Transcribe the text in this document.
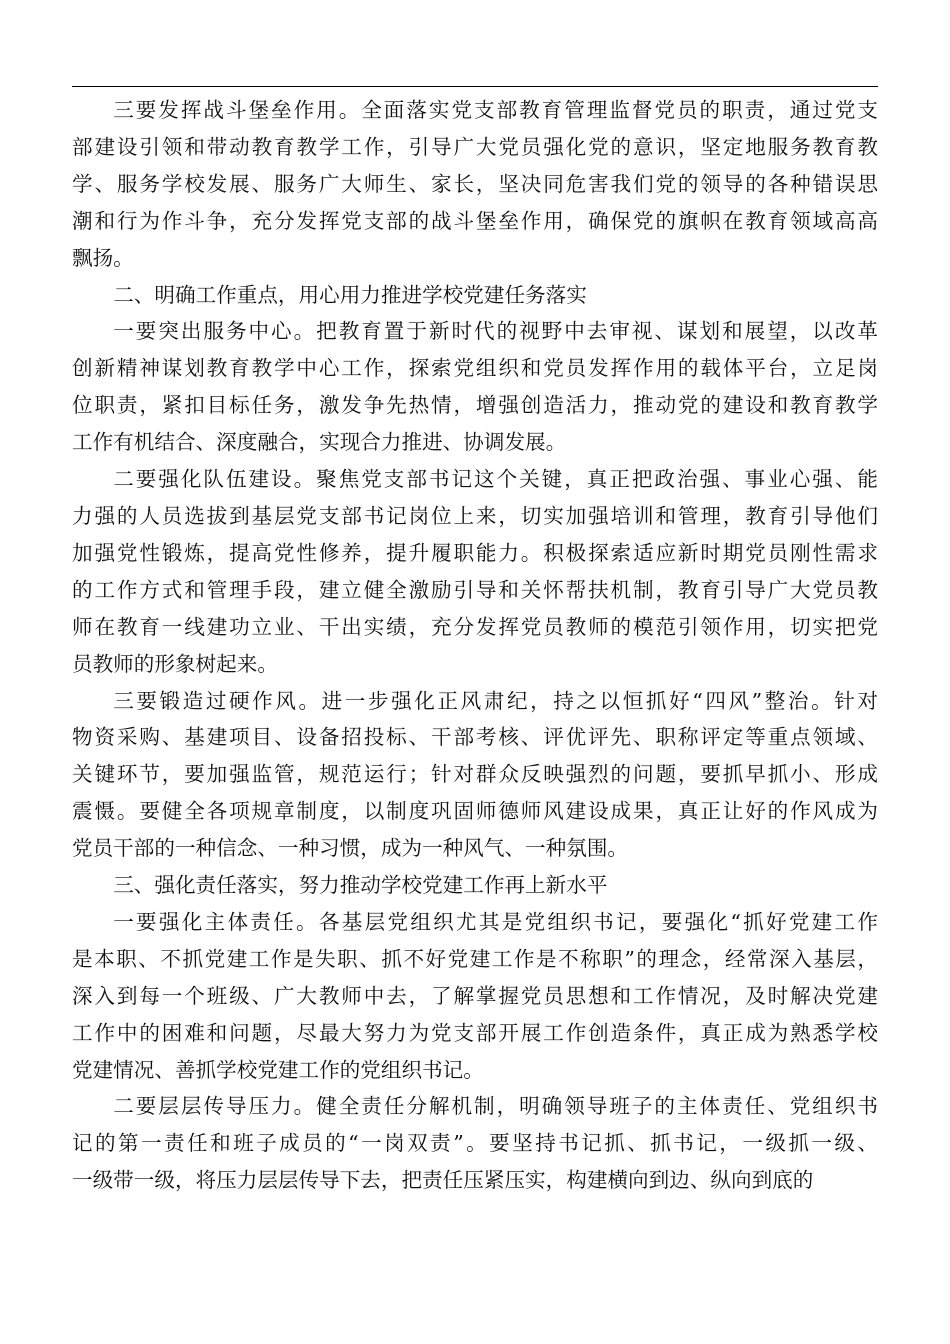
三要发挥战斗堡垒作用。全面落实党支部教育管理监督党员的职责，通过党支
部建设引领和带动教育教学工作，引导广大党员强化党的意识，坚定地服务教育教
学、服务学校发展、服务广大师生、家长，坚决同危害我们党的领导的各种错误思
潮和行为作斗争，充分发挥党支部的战斗堡垒作用，确保党的旗帜在教育领域高高
飘扬。
二、明确工作重点，用心用力推进学校党建任务落实
一要突出服务中心。把教育置于新时代的视野中去审视、谋划和展望，以改革
创新精神谋划教育教学中心工作，探索党组织和党员发挥作用的载体平台，立足岗
位职责，紧扣目标任务，激发争先热情，增强创造活力，推动党的建设和教育教学
工作有机结合、深度融合，实现合力推进、协调发展。
二要强化队伍建设。聚焦党支部书记这个关键，真正把政治强、事业心强、能
力强的人员选拔到基层党支部书记岗位上来，切实加强培训和管理，教育引导他们
加强党性锻炼，提高党性修养，提升履职能力。积极探索适应新时期党员刚性需求
的工作方式和管理手段，建立健全激励引导和关怀帮扶机制，教育引导广大党员教
师在教育一线建功立业、干出实绩，充分发挥党员教师的模范引领作用，切实把党
员教师的形象树起来。
三要锻造过硬作风。进一步强化正风肃纪，持之以恒抓好“四风”整治。针对
物资采购、基建项目、设备招投标、干部考核、评优评先、职称评定等重点领域、
关键环节，要加强监管，规范运行；针对群众反映强烈的问题，要抓早抓小、形成
震慑。要健全各项规章制度，以制度巩固师德师风建设成果，真正让好的作风成为
党员干部的一种信念、一种习惯，成为一种风气、一种氛围。
三、强化责任落实，努力推动学校党建工作再上新水平
一要强化主体责任。各基层党组织尤其是党组织书记，要强化“抓好党建工作
是本职、不抓党建工作是失职、抓不好党建工作是不称职”的理念，经常深入基层，
深入到每一个班级、广大教师中去，了解掌握党员思想和工作情况，及时解决党建
工作中的困难和问题，尽最大努力为党支部开展工作创造条件，真正成为熟悉学校
党建情况、善抓学校党建工作的党组织书记。
二要层层传导压力。健全责任分解机制，明确领导班子的主体责任、党组织书
记的第一责任和班子成员的“一岗双责”。要坚持书记抓、抓书记，一级抓一级、
一级带一级，将压力层层传导下去，把责任压紧压实，构建横向到边、纵向到底的
